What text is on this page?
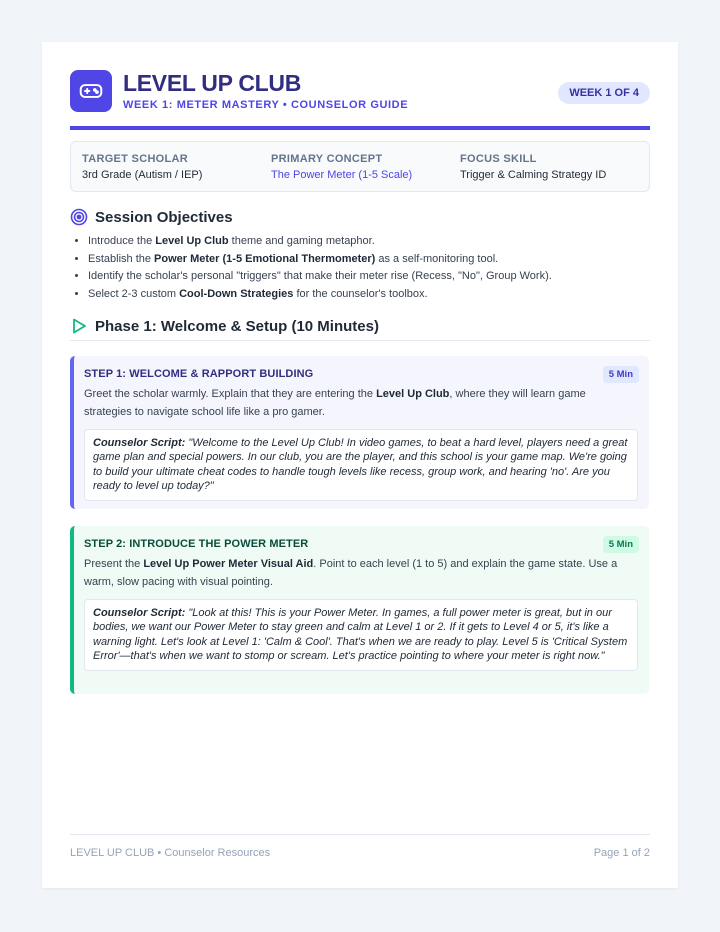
LEVEL UP CLUB
WEEK 1: METER MASTERY • COUNSELOR GUIDE
WEEK 1 OF 4
TARGET SCHOLAR
3rd Grade (Autism / IEP)
PRIMARY CONCEPT
The Power Meter (1-5 Scale)
FOCUS SKILL
Trigger & Calming Strategy ID
Session Objectives
• Introduce the Level Up Club theme and gaming metaphor.
• Establish the Power Meter (1-5 Emotional Thermometer) as a self-monitoring tool.
• Identify the scholar's personal "triggers" that make their meter rise (Recess, "No", Group Work).
• Select 2-3 custom Cool-Down Strategies for the counselor's toolbox.
Phase 1: Welcome & Setup (10 Minutes)
STEP 1: WELCOME & RAPPORT BUILDING	5 Min
Greet the scholar warmly. Explain that they are entering the Level Up Club, where they will learn game strategies to navigate school life like a pro gamer.
Counselor Script: "Welcome to the Level Up Club! In video games, to beat a hard level, players need a great game plan and special powers. In our club, you are the player, and this school is your game map. We're going to build your ultimate cheat codes to handle tough levels like recess, group work, and hearing 'no'. Are you ready to level up today?"
STEP 2: INTRODUCE THE POWER METER	5 Min
Present the Level Up Power Meter Visual Aid. Point to each level (1 to 5) and explain the game state. Use a warm, slow pacing with visual pointing.
Counselor Script: "Look at this! This is your Power Meter. In games, a full power meter is great, but in our bodies, we want our Power Meter to stay green and calm at Level 1 or 2. If it gets to Level 4 or 5, it's like a warning light. Let's look at Level 1: 'Calm & Cool'. That's when we are ready to play. Level 5 is 'Critical System Error'—that's when we want to stomp or scream. Let's practice pointing to where your meter is right now."
LEVEL UP CLUB • Counselor Resources	Page 1 of 2
